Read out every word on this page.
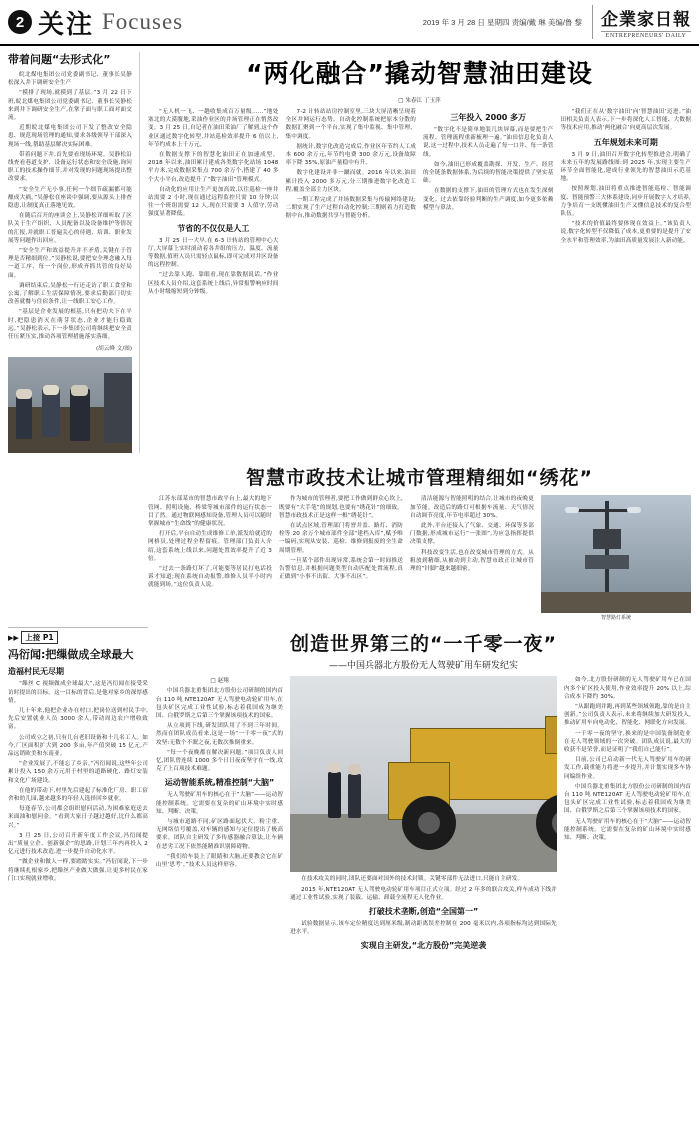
2 关注 Focuses	2019 年 3 月 28 日 星期四 责编/戴 琳 美编/鲁 黎	企業家日報
ENTREPRENEURS' DAILY
带着问题“去形式化”

皖北煤电集团公司党委副书记、董事长吴静松深入井下调研安全生产

“摸排了现场,就摸到了基层。”3 月 22 日下班,皖北煤电集团公司党委副书记、董事长吴静松来到井下调研安全生产,在掌子面与职工面对面交流。

近期皖北煤电集团公司下发了整改安全隐患、规范现场管理的通知,要求各级领导干部深入现场一线,帮助基层解决实际困难。

带着问题下井,首先要看现场环境。吴静松沿线查看巷道支护、设备运行状态和安全设施,询问职工的技术操作细节,并对发现的问题现场提出整改要求。

“安全生产无小事,任何一个细节疏漏都可能酿成大祸。”吴静松在座谈中强调,要从源头上排查隐患,让制度真正落地见效。

在随后召开的座谈会上,吴静松详细听取了区队关于生产组织、人员配备以及设备维护等情况的汇报,并就职工普遍关心的待遇、培训、职业发展等问题作出回应。

“安全生产和效益提升并不矛盾,关键在于管理是否精细到位。”吴静松说,要把安全理念融入每一道工序、每一个岗位,形成齐抓共管的良好局面。

调研结束后,吴静松一行还走访了职工食堂和公寓,了解职工生活保障情况,要求后勤部门切实改善就餐与住宿条件,让一线职工安心工作。

“基层是企业发展的根基,只有把功夫下在平时,把隐患消灭在萌芽状态,企业才能行稳致远。”吴静松表示,下一步集团公司将继续把安全责任压紧压实,推动各项管理措施落实落细。

(胡云峰 文/图)
“两化融合”撬动智慧油田建设
□ 朱春江 丁玉萍

“无人机一飞、一趟收集成百万量级……”地处塞北的大漠腹地,采油作业区的井场管理正在悄然改变。3 月 25 日,自记者在油田采油厂了解到,这个作业区通过数字化转型,井站巡检效率提升 6 倍以上,年节约成本上千万元。

在数据支撑下的智慧化油田正在加速成型。2018 年以来,油田累计建成各类数字化站场 1048 平方米,完成数据采集点 700 余万个,搭建了 40 多个大小平台,改造提升了“数字油田”管理模式。

自动化的应用让生产更加高效,以往巡检一座井站需要 2 小时,现在通过远程监控只需 10 分钟;以往一个班组需要 12 人,现在只需要 3 人值守,劳动强度显著降低。

节省的不仅仅是人工

3 月 25 日一大早,在 6-3 计转站的管理中心大厅,大屏幕上实时滚动着各井组的压力、温度、流量等数据,值班人员只需轻点鼠标,即可完成对井区设备的远程控制。

“过去靠人跑、靠眼看,现在靠数据说话。”作业区技术人员介绍,这套系统上线后,异常报警响应时间从小时级缩短到分钟级。

7-2 计转站站房控制室里,三块大屏清晰呈现着全区井网运行态势。自动化控制系统把原本分散的数据汇聚到一个平台,实现了集中监视、集中管理、集中调度。

据统计,数字化改造完成后,作业区年节约人工成本 600 余万元,年节约电费 300 余万元,设备故障率下降 35%,原油产量稳中有升。

数字化建设并非一蹴而就。2016 年以来,油田累计投入 2000 多万元,分三期推进数字化改造工程,覆盖全部主力区块。

一期工程完成了井场数据采集与传输网络建设;二期实现了生产过程自动化控制;三期则着力打造数据中台,推动数据共享与智能分析。

三年投入 2000 多万

“数字化不是简单地装几块屏幕,而是要把生产流程、管理流程重新梳理一遍。”油田信息化负责人说,这一过程中,技术人员走遍了每一口井、每一条管线。

如今,油田已形成覆盖勘探、开发、生产、经营的全链条数据体系,为后续的智能决策提供了坚实基础。

在数据的支撑下,油田的管理方式也在发生深刻变化。过去依靠经验判断的生产调度,如今更多依赖模型与算法。

“我们正在从‘数字油田’向‘智慧油田’迈进。”油田相关负责人表示,下一步将深化人工智能、大数据等技术应用,推动‘两化融合’向更高层次发展。

五年规划未来可期

3 月 9 日,油田召开数字化转型推进会,明确了未来五年的发展路线图:到 2025 年,实现主要生产环节全面智能化,建成行业领先的智慧油田示范基地。

按照规划,油田将重点推进智能巡检、智能调度、智能预警三大体系建设,同步开展数字人才培养,力争培育一支既懂油田生产又懂信息技术的复合型队伍。

“技术的价值最终要体现在效益上。”该负责人说,数字化转型不仅降低了成本,更重要的是提升了安全水平和管理效率,为油田高质量发展注入新动能。

智慧市政技术让城市管理精细如“绣花”

江苏东部某市的智慧市政平台上,最大的地下管网、照明设施、桥梁等城市部件的运行状态一目了然。通过物联网感知设备,管理人员可以随时掌握城市“生命线”的健康状况。

打开后,平台自动生成维修工单,派发给就近的网格员,处理过程全程留痕。管理部门负责人介绍,这套系统上线以来,问题处置效率提升了近 3 倍。

“过去一条路灯坏了,可能要等居民打电话投诉才知道;现在系统自动报警,维修人员半小时内就能到场。”这位负责人说。

作为城市的管理者,要把工作做到群众心坎上,既要有“大手笔”的规划,也要有“绣花针”的细致。智慧市政技术正是这样一根“绣花针”。

在试点区域,管理部门将窨井盖、路灯、消防栓等 20 余万个城市部件全部“建档入库”,赋予唯一编码,实现从安装、巡检、维修到报废的全生命周期管理。

一旦某个部件出现异常,系统会第一时间推送告警信息,并根据问题类型自动匹配处置流程,真正做到“小事不出街、大事不出区”。

清洁能源与智能照明的结合,让城市的夜晚更加节能。改造后的路灯可根据车流量、天气情况自动调节亮度,年节电率超过 30%。

此外,平台还接入了气象、交通、环保等多部门数据,形成城市运行“一张图”,为应急指挥提供决策支撑。

科技改变生活,也在改变城市管理的方式。从粗放到精细,从被动到主动,智慧市政正让城市管理的“针脚”越来越细密。

智慧路灯系统
▶▶ 上接 P1
冯衍闻:把缫做成全球最大
造福村民无尽期

“缫丝 C 视频做成全球最大”,这是冯衍闻在接受采访时提出的目标。这一目标的背后,是他对家乡的深厚感情。

几十年来,他把企业办在村口,把岗位送到村民手中,先后安置就业人员 3000 余人,带动周边农户增收致富。

公司成立之初,只有几台老旧设备和十几名工人。如今,厂区面积扩大到 200 多亩,年产值突破 15 亿元,产品远销欧美和东南亚。

“企业发展了,不能忘了乡亲。”冯衍闻说,这些年公司累计投入 150 余万元用于村里的道路硬化、路灯安装和文化广场建设。

在他的带动下,村里先后建起了标准化厂房、职工宿舍和幼儿园,越来越多的年轻人选择回乡就业。

每逢春节,公司都会组织慰问活动,为困难家庭送去米面油和慰问金。“看到大家日子越过越好,比什么都高兴。”

3 月 25 日,公司召开新年度工作会议,冯衍闻提出“质量立企、创新强企”的思路,计划三年内再投入 2 亿元进行技术改造,进一步提升自动化水平。

“做企业和做人一样,要踏踏实实。”冯衍闻说,下一步将继续扎根家乡,把缫丝产业做大做强,让更多村民在家门口实现就业增收。

创造世界第三的“一千零一夜”
——中国兵器北方股份无人驾驶矿用车研发纪实
□ 赵翔

中国兵器北重集团北方股份公司研制的国内首台 110 吨 NTE120AT 无人驾驶电动轮矿用车,在包头矿区完成工业性试验,标志着我国成为继美国、白俄罗斯之后第三个掌握该项技术的国家。

从立项到下线,研发团队用了不到三年时间。然而在团队成员看来,这是一场“一千零一夜”式的攻坚:无数个不眠之夜,无数次推倒重来。

“每一个夜晚都在解决新问题。”项目负责人回忆,团队曾连续 1000 多个日日夜夜坚守在一线,攻克了上百项技术难题。

运动智能系统,精准控制“大脑”

无人驾驶矿用车的核心在于“大脑”——运动智能控制系统。它需要在复杂的矿山环境中实时感知、判断、决策。

与城市道路不同,矿区路面起伏大、粉尘重、无网络信号覆盖,对车辆的感知与定位提出了极高要求。团队自主研发了多传感器融合算法,让车辆在恶劣工况下依然能精准识别障碍物。

“我们给车装上了眼睛和大脑,还要教会它在矿山里‘思考’。”技术人员这样形容。

在技术攻关的同时,团队还要面对国外的技术封锁。关键零部件无法进口,只能自主研发。

2015 年,NTE120AT 无人驾驶电动轮矿用车项目正式立项。经过 2 年多的联合攻关,样车成功下线并通过工业性试验,实现了装载、运输、卸载全流程无人化作业。

打破技术垄断,创造“全国第一”

试验数据显示,该车定位精度达到厘米级,制动距离误差控制在 200 毫米以内,各项指标均达到国际先进水平。

实现自主研发,“北方股份”完美逆袭

如今,北方股份研制的无人驾驶矿用车已在国内多个矿区投入使用,作业效率提升 20% 以上,综合成本下降约 30%。

“从跟跑到并跑,再到某些领域领跑,靠的是自主创新。”公司负责人表示,未来将继续加大研发投入,推动矿用车向电动化、智能化、网联化方向发展。

一千零一夜的坚守,换来的是中国装备制造业在无人驾驶领域的一次突破。团队成员说,最大的收获不是荣誉,而是证明了“我们自己能行”。

目前,公司已启动新一代无人驾驶矿用车的研发工作,载重能力将进一步提升,并计划实现多车协同编组作业。

中国兵器北重集团北方股份公司研制的国内首台 110 吨 NTE120AT 无人驾驶电动轮矿用车,在包头矿区完成工业性试验,标志着我国成为继美国、白俄罗斯之后第三个掌握该项技术的国家。

无人驾驶矿用车的核心在于“大脑”——运动智能控制系统。它需要在复杂的矿山环境中实时感知、判断、决策。
